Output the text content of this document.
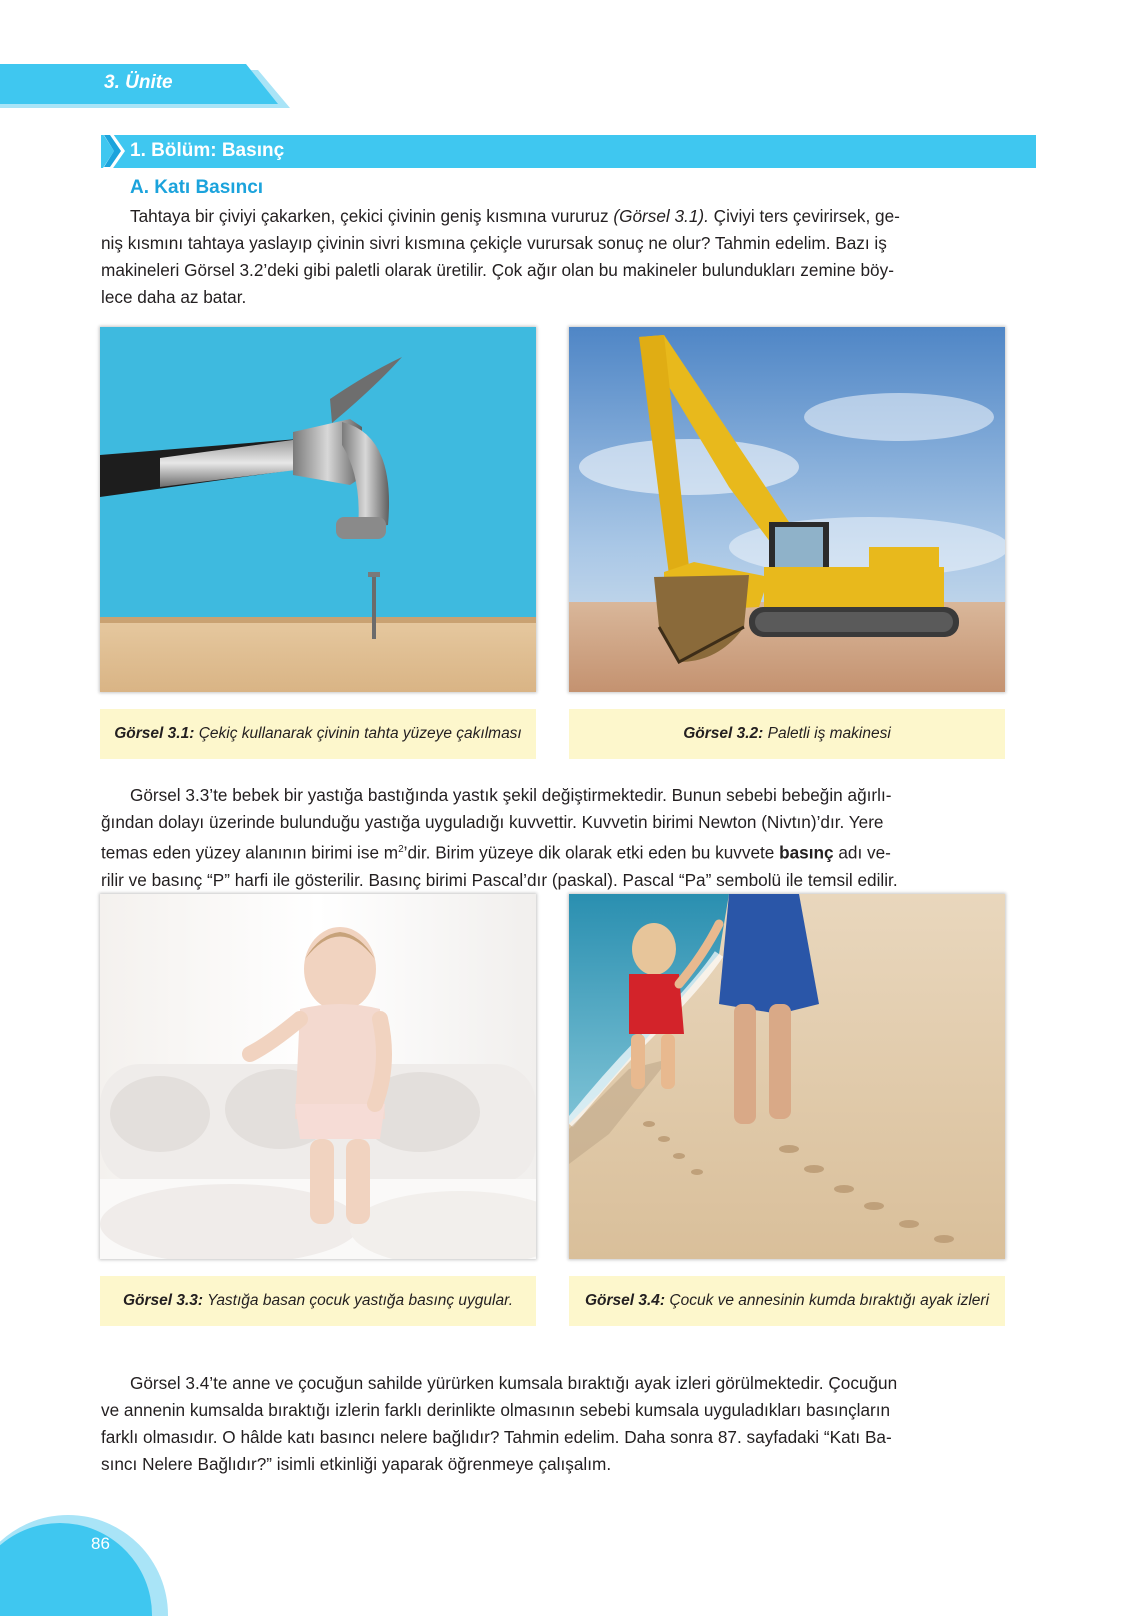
3. Ünite
1. Bölüm: Basınç
A. Katı Basıncı
Tahtaya bir çiviyi çakarken, çekici çivinin geniş kısmına vururuz (Görsel 3.1). Çiviyi ters çevirirsek, ge-
niş kısmını tahtaya yaslayıp çivinin sivri kısmına çekiçle vurursak sonuç ne olur? Tahmin edelim. Bazı iş
makineleri Görsel 3.2’deki gibi paletli olarak üretilir. Çok ağır olan bu makineler bulundukları zemine böy-
lece daha az batar.
Görsel 3.1: Çekiç kullanarak çivinin tahta yüzeye çakılması	Görsel 3.2: Paletli iş makinesi
Görsel 3.3’te bebek bir yastığa bastığında yastık şekil değiştirmektedir. Bunun sebebi bebeğin ağırlı-
ğından dolayı üzerinde bulunduğu yastığa uyguladığı kuvvettir. Kuvvetin birimi Newton (Nivtın)’dır. Yere
temas eden yüzey alanının birimi ise $m^2’dir$. Birim yüzeye dik olarak etki eden bu kuvvete basınç adı ve-
rilir ve basınç “P” harfi ile gösterilir. Basınç birimi Pascal’dır (paskal). Pascal “Pa” sembolü ile temsil edilir.
Görsel 3.3: Yastığa basan çocuk yastığa basınç uygular.	Görsel 3.4: Çocuk ve annesinin kumda bıraktığı ayak izleri
Görsel 3.4’te anne ve çocuğun sahilde yürürken kumsala bıraktığı ayak izleri görülmektedir. Çocuğun
ve annenin kumsalda bıraktığı izlerin farklı derinlikte olmasının sebebi kumsala uyguladıkları basınçların
farklı olmasıdır. O hâlde katı basıncı nelere bağlıdır? Tahmin edelim. Daha sonra 87. sayfadaki “Katı Ba-
sıncı Nelere Bağlıdır?” isimli etkinliği yaparak öğrenmeye çalışalım.
86
